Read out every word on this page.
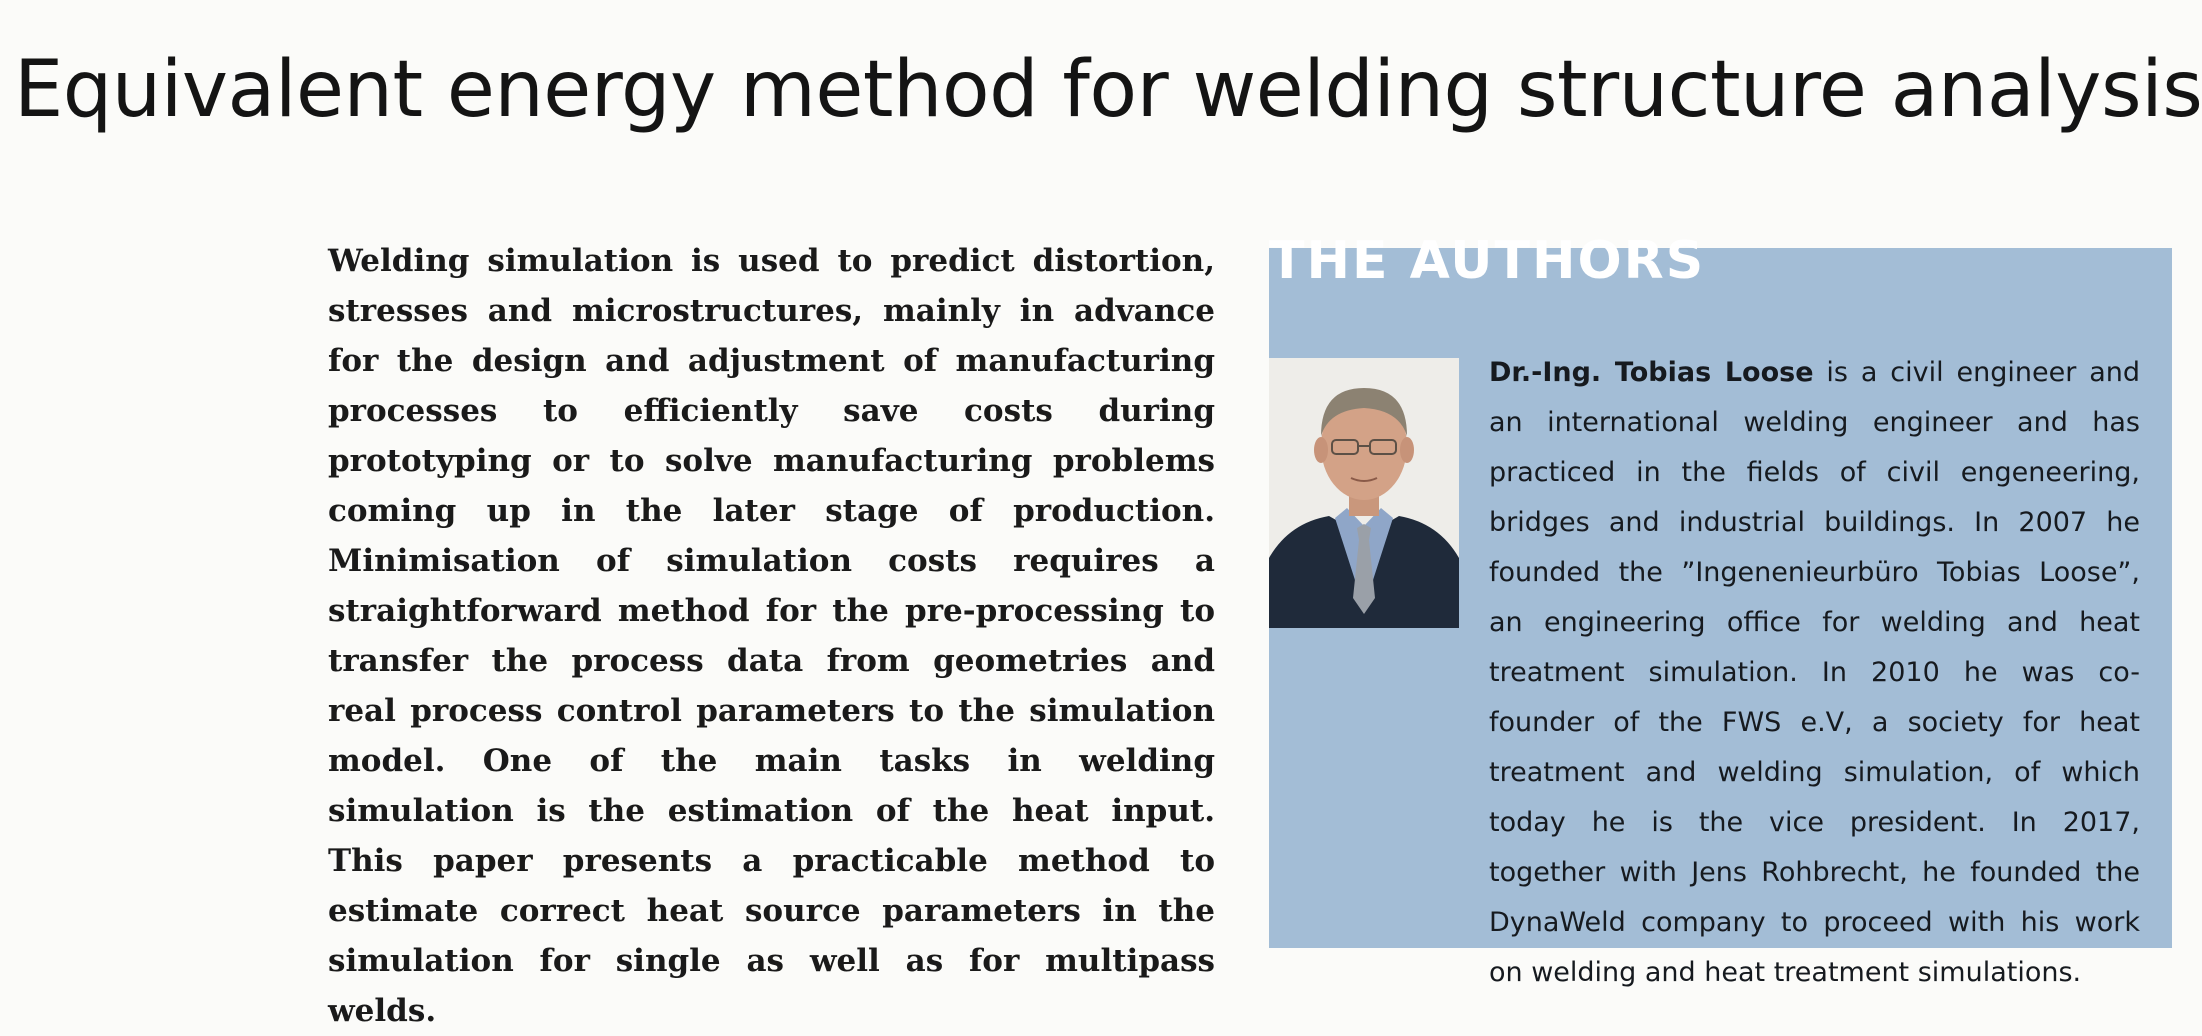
Equivalent energy method for welding structure analysis

Welding simulation is used to predict distortion, stresses and microstructures, mainly in advance for the design and adjustment of manufacturing processes to efficiently save costs during prototyping or to solve manufacturing problems coming up in the later stage of production. Minimisation of simulation costs requires a straightforward method for the pre-processing to transfer the process data from geometries and real process control parameters to the simulation model. One of the main tasks in welding simulation is the estimation of the heat input. This paper presents a practicable method to estimate correct heat source parameters in the simulation for single as well as for multipass welds.

THE AUTHORS

Dr.-Ing. Tobias Loose is a civil engineer and an international welding engineer and has practiced in the fields of civil engeneering, bridges and industrial buildings. In 2007 he founded the ”Ingenenieurbüro Tobias Loose”, an engineering office for welding and heat treatment simulation. In 2010 he was co-founder of the FWS e.V, a society for heat treatment and welding simulation, of which today he is the vice president. In 2017, together with Jens Rohbrecht, he founded the DynaWeld company to proceed with his work on welding and heat treatment simulations.
